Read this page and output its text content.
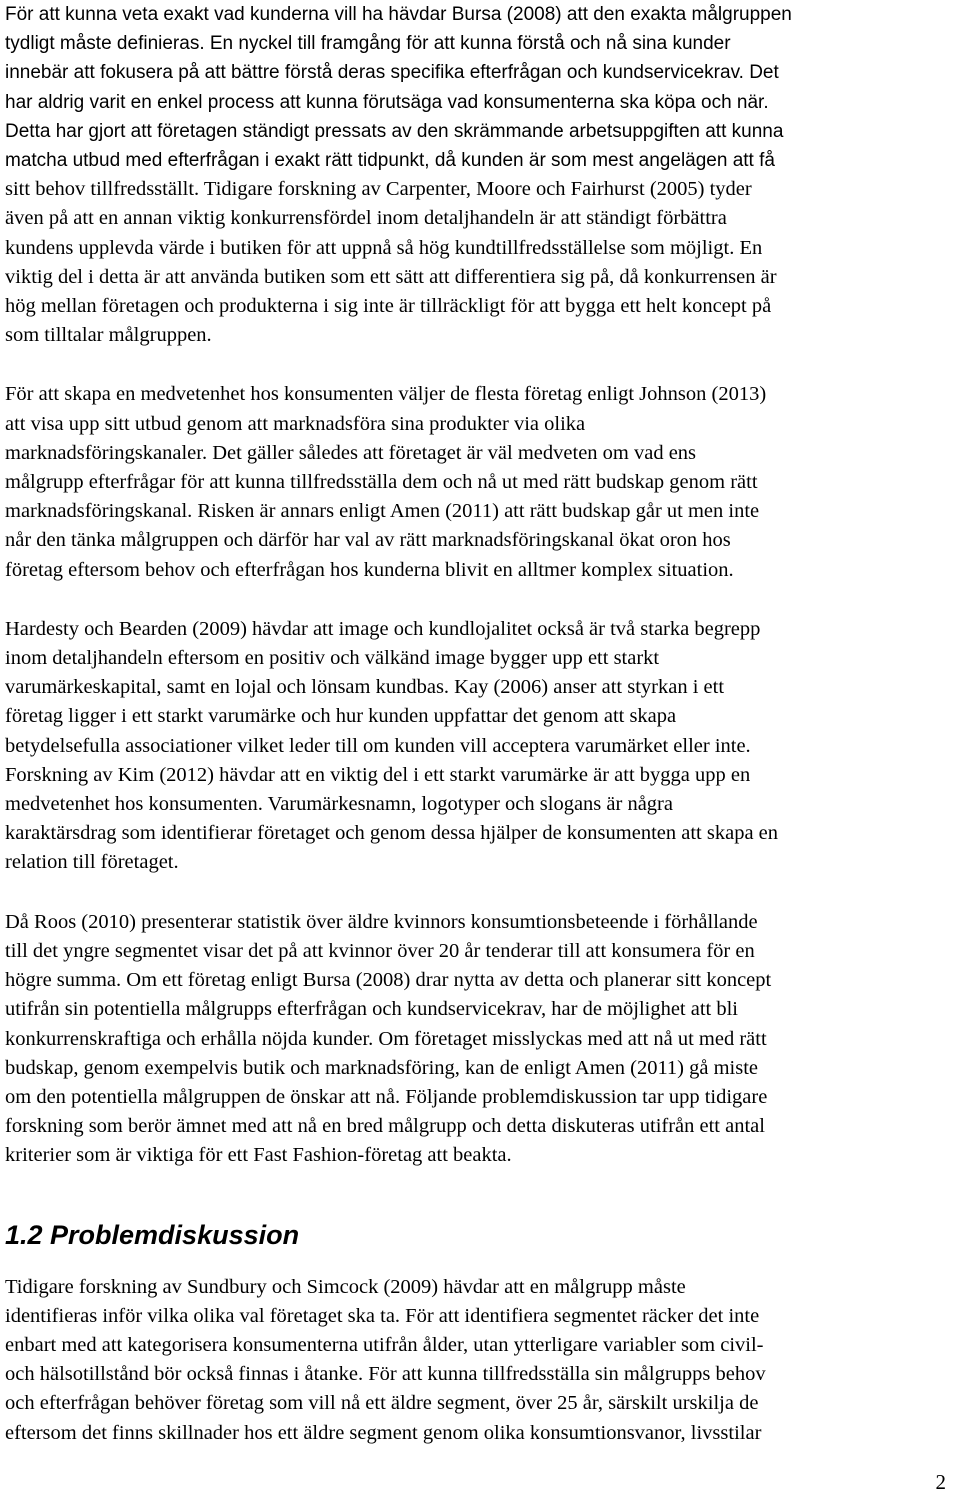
För att kunna veta exakt vad kunderna vill ha hävdar Bursa (2008) att den exakta målgruppen
tydligt måste definieras. En nyckel till framgång för att kunna förstå och nå sina kunder
innebär att fokusera på att bättre förstå deras specifika efterfrågan och kundservicekrav. Det
har aldrig varit en enkel process att kunna förutsäga vad konsumenterna ska köpa och när.
Detta har gjort att företagen ständigt pressats av den skrämmande arbetsuppgiften att kunna
matcha utbud med efterfrågan i exakt rätt tidpunkt, då kunden är som mest angelägen att få
sitt behov tillfredsställt. Tidigare forskning av Carpenter, Moore och Fairhurst (2005) tyder
även på att en annan viktig konkurrensfördel inom detaljhandeln är att ständigt förbättra
kundens upplevda värde i butiken för att uppnå så hög kundtillfredsställelse som möjligt. En
viktig del i detta är att använda butiken som ett sätt att differentiera sig på, då konkurrensen är
hög mellan företagen och produkterna i sig inte är tillräckligt för att bygga ett helt koncept på
som tilltalar målgruppen.
För att skapa en medvetenhet hos konsumenten väljer de flesta företag enligt Johnson (2013)
att visa upp sitt utbud genom att marknadsföra sina produkter via olika
marknadsföringskanaler. Det gäller således att företaget är väl medveten om vad ens
målgrupp efterfrågar för att kunna tillfredsställa dem och nå ut med rätt budskap genom rätt
marknadsföringskanal. Risken är annars enligt Amen (2011) att rätt budskap går ut men inte
når den tänka målgruppen och därför har val av rätt marknadsföringskanal ökat oron hos
företag eftersom behov och efterfrågan hos kunderna blivit en alltmer komplex situation.
Hardesty och Bearden (2009) hävdar att image och kundlojalitet också är två starka begrepp
inom detaljhandeln eftersom en positiv och välkänd image bygger upp ett starkt
varumärkeskapital, samt en lojal och lönsam kundbas. Kay (2006) anser att styrkan i ett
företag ligger i ett starkt varumärke och hur kunden uppfattar det genom att skapa
betydelsefulla associationer vilket leder till om kunden vill acceptera varumärket eller inte.
Forskning av Kim (2012) hävdar att en viktig del i ett starkt varumärke är att bygga upp en
medvetenhet hos konsumenten. Varumärkesnamn, logotyper och slogans är några
karaktärsdrag som identifierar företaget och genom dessa hjälper de konsumenten att skapa en
relation till företaget.
Då Roos (2010) presenterar statistik över äldre kvinnors konsumtionsbeteende i förhållande
till det yngre segmentet visar det på att kvinnor över 20 år tenderar till att konsumera för en
högre summa. Om ett företag enligt Bursa (2008) drar nytta av detta och planerar sitt koncept
utifrån sin potentiella målgrupps efterfrågan och kundservicekrav, har de möjlighet att bli
konkurrenskraftiga och erhålla nöjda kunder. Om företaget misslyckas med att nå ut med rätt
budskap, genom exempelvis butik och marknadsföring, kan de enligt Amen (2011) gå miste
om den potentiella målgruppen de önskar att nå. Följande problemdiskussion tar upp tidigare
forskning som berör ämnet med att nå en bred målgrupp och detta diskuteras utifrån ett antal
kriterier som är viktiga för ett Fast Fashion-företag att beakta.
1.2 Problemdiskussion
Tidigare forskning av Sundbury och Simcock (2009) hävdar att en målgrupp måste
identifieras inför vilka olika val företaget ska ta. För att identifiera segmentet räcker det inte
enbart med att kategorisera konsumenterna utifrån ålder, utan ytterligare variabler som civil-
och hälsotillstånd bör också finnas i åtanke. För att kunna tillfredsställa sin målgrupps behov
och efterfrågan behöver företag som vill nå ett äldre segment, över 25 år, särskilt urskilja de
eftersom det finns skillnader hos ett äldre segment genom olika konsumtionsvanor, livsstilar
2
